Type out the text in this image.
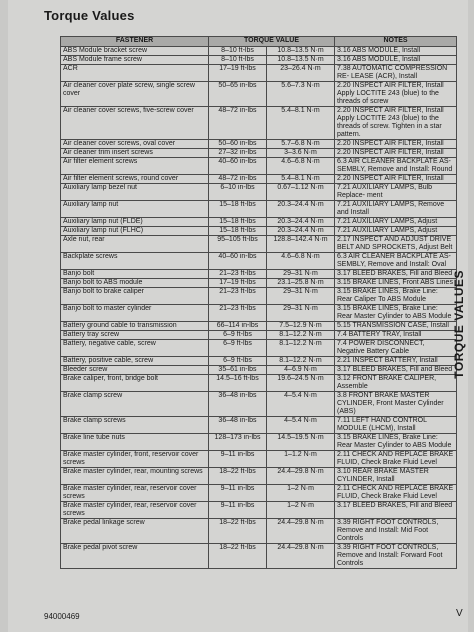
Torque Values
FASTENER	TORQUE VALUE		NOTES
ABS Module bracket screw	8–10 ft-lbs	10.8–13.5 N·m	3.16 ABS MODULE, Install
ABS Module frame screw	8–10 ft-lbs	10.8–13.5 N·m	3.16 ABS MODULE, Install
ACR	17–19 ft-lbs	23–26.4 N·m	7.38 AUTOMATIC COMPRESSION RE- LEASE (ACR), Install
Air cleaner cover plate screw, single screw cover	50–65 in-lbs	5.6–7.3 N·m	2.20 INSPECT AIR FILTER, Install Apply LOCTITE 243 (blue) to the threads of screw
Air cleaner cover screws, five-screw cover	48–72 in-lbs	5.4–8.1 N·m	2.20 INSPECT AIR FILTER, Install Apply LOCTITE 243 (blue) to the threads of screw. Tighten in a star pattern.
Air cleaner cover screws, oval cover	50–60 in-lbs	5.7–6.8 N·m	2.20 INSPECT AIR FILTER, Install
Air cleaner trim insert screws	27–32 in-lbs	3–3.6 N·m	2.20 INSPECT AIR FILTER, Install
Air filter element screws	40–60 in-lbs	4.6–6.8 N·m	6.3 AIR CLEANER BACKPLATE AS- SEMBLY, Remove and Install: Round
Air filter element screws, round cover	48–72 in-lbs	5.4–8.1 N·m	2.20 INSPECT AIR FILTER, Install
Auxiliary lamp bezel nut	6–10 in-lbs	0.67–1.12 N·m	7.21 AUXILIARY LAMPS, Bulb Replace- ment
Auxiliary lamp nut	15–18 ft-lbs	20.3–24.4 N·m	7.21 AUXILIARY LAMPS, Remove and Install
Auxiliary lamp nut (FLDE)	15–18 ft-lbs	20.3–24.4 N·m	7.21 AUXILIARY LAMPS, Adjust
Auxiliary lamp nut (FLHC)	15–18 ft-lbs	20.3–24.4 N·m	7.21 AUXILIARY LAMPS, Adjust
Axle nut, rear	95–105 ft-lbs	128.8–142.4 N·m	2.17 INSPECT AND ADJUST DRIVE BELT AND SPROCKETS, Adjust Belt
Backplate screws	40–60 in-lbs	4.6–6.8 N·m	6.3 AIR CLEANER BACKPLATE AS- SEMBLY, Remove and Install: Oval
Banjo bolt	21–23 ft-lbs	29–31 N·m	3.17 BLEED BRAKES, Fill and Bleed
Banjo bolt to ABS module	17–19 ft-lbs	23.1–25.8 N·m	3.15 BRAKE LINES, Front ABS Lines
Banjo bolt to brake caliper	21–23 ft-lbs	29–31 N·m	3.15 BRAKE LINES, Brake Line: Rear Caliper To ABS Module
Banjo bolt to master cylinder	21–23 ft-lbs	29–31 N·m	3.15 BRAKE LINES, Brake Line: Rear Master Cylinder to ABS Module
Battery ground cable to transmission	66–114 in-lbs	7.5–12.9 N·m	5.15 TRANSMISSION CASE, Install
Battery tray screw	6–9 ft-lbs	8.1–12.2 N·m	7.4 BATTERY TRAY, Install
Battery, negative cable, screw	6–9 ft-lbs	8.1–12.2 N·m	7.4 POWER DISCONNECT, Negative Battery Cable
Battery, positive cable, screw	6–9 ft-lbs	8.1–12.2 N·m	2.21 INSPECT BATTERY, Install
Bleeder screw	35–61 in-lbs	4–6.9 N·m	3.17 BLEED BRAKES, Fill and Bleed
Brake caliper, front, bridge bolt	14.5–16 ft-lbs	19.6–24.5 N·m	3.12 FRONT BRAKE CALIPER, Assemble
Brake clamp screw	36–48 in-lbs	4–5.4 N·m	3.8 FRONT BRAKE MASTER CYLINDER, Front Master Cylinder (ABS)
Brake clamp screws	36–48 in-lbs	4–5.4 N·m	7.11 LEFT HAND CONTROL MODULE (LHCM), Install
Brake line tube nuts	128–173 in-lbs	14.5–19.5 N·m	3.15 BRAKE LINES, Brake Line: Rear Master Cylinder to ABS Module
Brake master cylinder, front, reservoir cover screws	9–11 in-lbs	1–1.2 N·m	2.11 CHECK AND REPLACE BRAKE FLUID, Check Brake Fluid Level
Brake master cylinder, rear, mounting screws	18–22 ft-lbs	24.4–29.8 N·m	3.10 REAR BRAKE MASTER CYLINDER, Install
Brake master cylinder, rear, reservoir cover screws	9–11 in-lbs	1–2 N·m	2.11 CHECK AND REPLACE BRAKE FLUID, Check Brake Fluid Level
Brake master cylinder, rear, reservoir cover screws	9–11 in-lbs	1–2 N·m	3.17 BLEED BRAKES, Fill and Bleed
Brake pedal linkage screw	18–22 ft-lbs	24.4–29.8 N·m	3.39 RIGHT FOOT CONTROLS, Remove and Install: Mid Foot Controls
Brake pedal pivot screw	18–22 ft-lbs	24.4–29.8 N·m	3.39 RIGHT FOOT CONTROLS, Remove and Install: Forward Foot Controls
TORQUE VALUES
94000469	V
